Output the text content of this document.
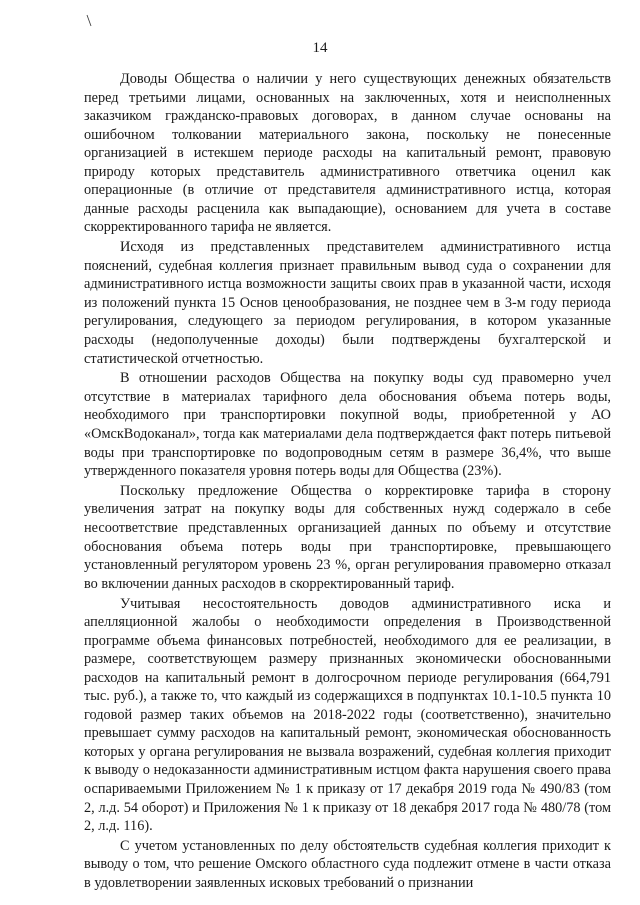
14

Доводы Общества о наличии у него существующих денежных обязательств перед третьими лицами, основанных на заключенных, хотя и неисполненных заказчиком гражданско-правовых договорах, в данном случае основаны на ошибочном толковании материального закона, поскольку не понесенные организацией в истекшем периоде расходы на капитальный ремонт, правовую природу которых представитель административного ответчика оценил как операционные (в отличие от представителя административного истца, которая данные расходы расценила как выпадающие), основанием для учета в составе скорректированного тарифа не является.

Исходя из представленных представителем административного истца пояснений, судебная коллегия признает правильным вывод суда о сохранении для административного истца возможности защиты своих прав в указанной части, исходя из положений пункта 15 Основ ценообразования, не позднее чем в 3-м году периода регулирования, следующего за периодом регулирования, в котором указанные расходы (недополученные доходы) были подтверждены бухгалтерской и статистической отчетностью.

В отношении расходов Общества на покупку воды суд правомерно учел отсутствие в материалах тарифного дела обоснования объема потерь воды, необходимого при транспортировки покупной воды, приобретенной у АО «ОмскВодоканал», тогда как материалами дела подтверждается факт потерь питьевой воды при транспортировке по водопроводным сетям в размере 36,4%, что выше утвержденного показателя уровня потерь воды для Общества (23%).

Поскольку предложение Общества о корректировке тарифа в сторону увеличения затрат на покупку воды для собственных нужд содержало в себе несоответствие представленных организацией данных по объему и отсутствие обоснования объема потерь воды при транспортировке, превышающего установленный регулятором уровень 23 %, орган регулирования правомерно отказал во включении данных расходов в скорректированный тариф.

Учитывая несостоятельность доводов административного иска и апелляционной жалобы о необходимости определения в Производственной программе объема финансовых потребностей, необходимого для ее реализации, в размере, соответствующем размеру признанных экономически обоснованными расходов на капитальный ремонт в долгосрочном периоде регулирования (664,791 тыс. руб.), а также то, что каждый из содержащихся в подпунктах 10.1-10.5 пункта 10 годовой размер таких объемов на 2018-2022 годы (соответственно), значительно превышает сумму расходов на капитальный ремонт, экономическая обоснованность которых у органа регулирования не вызвала возражений, судебная коллегия приходит к выводу о недоказанности административным истцом факта нарушения своего права оспариваемыми Приложением № 1 к приказу от 17 декабря 2019 года № 490/83 (том 2, л.д. 54 оборот) и Приложения № 1 к приказу от 18 декабря 2017 года № 480/78 (том 2, л.д. 116).

С учетом установленных по делу обстоятельств судебная коллегия приходит к выводу о том, что решение Омского областного суда подлежит отмене в части отказа в удовлетворении заявленных исковых требований о признании
